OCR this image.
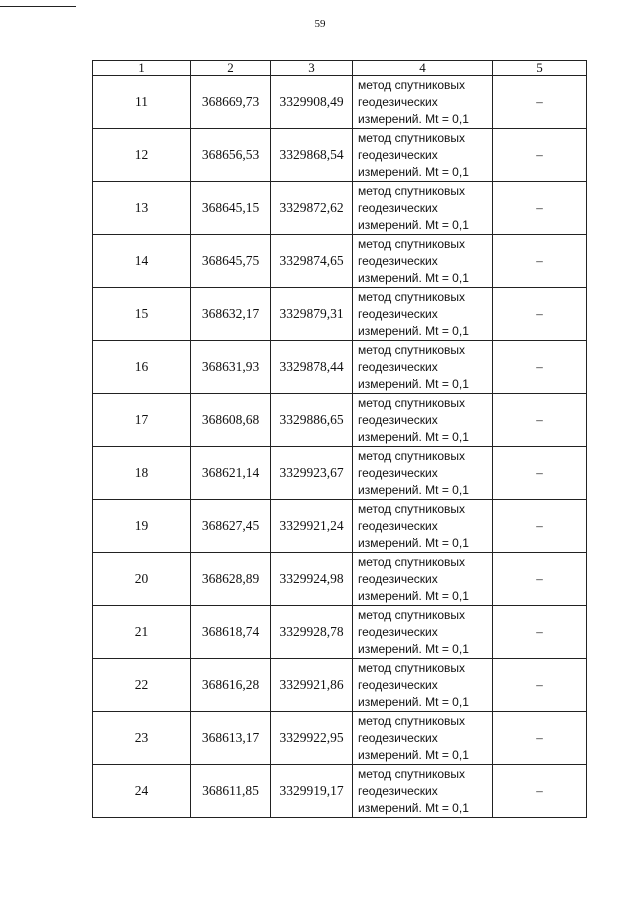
59
1	2	3	4	5
11	368669,73	3329908,49	метод спутниковых
геодезических
измерений. Mt = 0,1	–
12	368656,53	3329868,54	метод спутниковых
геодезических
измерений. Mt = 0,1	–
13	368645,15	3329872,62	метод спутниковых
геодезических
измерений. Mt = 0,1	–
14	368645,75	3329874,65	метод спутниковых
геодезических
измерений. Mt = 0,1	–
15	368632,17	3329879,31	метод спутниковых
геодезических
измерений. Mt = 0,1	–
16	368631,93	3329878,44	метод спутниковых
геодезических
измерений. Mt = 0,1	–
17	368608,68	3329886,65	метод спутниковых
геодезических
измерений. Mt = 0,1	–
18	368621,14	3329923,67	метод спутниковых
геодезических
измерений. Mt = 0,1	–
19	368627,45	3329921,24	метод спутниковых
геодезических
измерений. Mt = 0,1	–
20	368628,89	3329924,98	метод спутниковых
геодезических
измерений. Mt = 0,1	–
21	368618,74	3329928,78	метод спутниковых
геодезических
измерений. Mt = 0,1	–
22	368616,28	3329921,86	метод спутниковых
геодезических
измерений. Mt = 0,1	–
23	368613,17	3329922,95	метод спутниковых
геодезических
измерений. Mt = 0,1	–
24	368611,85	3329919,17	метод спутниковых
геодезических
измерений. Mt = 0,1	–
